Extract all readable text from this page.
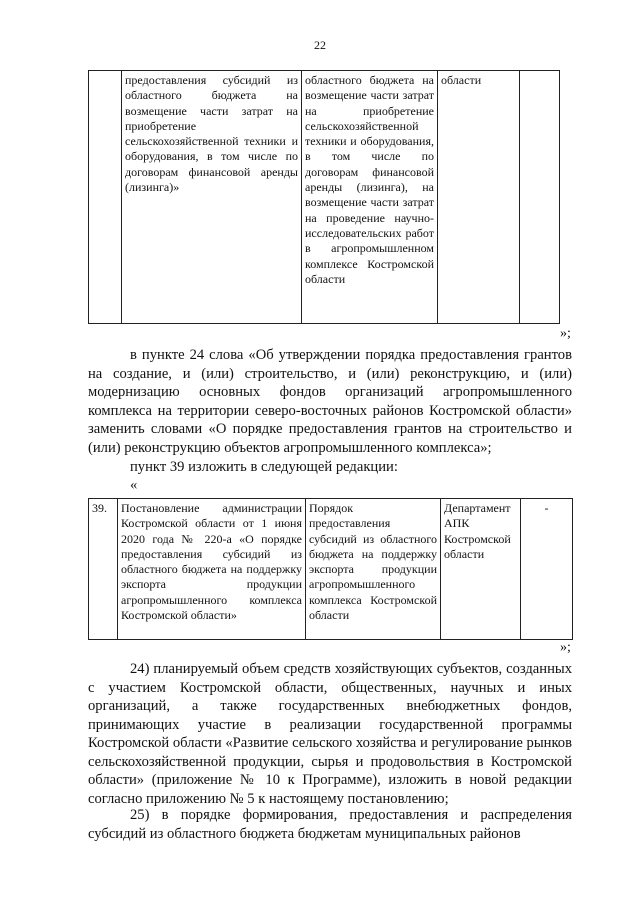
22
	предоставления субсидий из областного бюджета на возмещение части затрат на приобретение сельскохозяйственной техники и оборудования, в том числе по договорам финансовой аренды (лизинга)»	областного бюджета на возмещение части затрат на приобретение сельскохозяйственной техники и оборудования, в том числе по договорам финансовой аренды (лизинга), на возмещение части затрат на проведение научно-исследовательских работ в агропромышленном комплексе Костромской области	области	
»;

в пункте 24 слова «Об утверждении порядка предоставления грантов на создание, и (или) строительство, и (или) реконструкцию, и (или) модернизацию основных фондов организаций агропромышленного комплекса на территории северо-восточных районов Костромской области» заменить словами «О порядке предоставления грантов на строительство и (или) реконструкцию объектов агропромышленного комплекса»;

пункт 39 изложить в следующей редакции:

«
39.	Постановление администрации Костромской области от 1 июня 2020 года № 220-а «О порядке предоставления субсидий из областного бюджета на поддержку экспорта продукции агропромышленного комплекса Костромской области»	Порядок предоставления субсидий из областного бюджета на поддержку экспорта продукции агропромышленного комплекса Костромской области	Департамент АПК Костромской области	-
»;

24) планируемый объем средств хозяйствующих субъектов, созданных с участием Костромской области, общественных, научных и иных организаций, а также государственных внебюджетных фондов, принимающих участие в реализации государственной программы Костромской области «Развитие сельского хозяйства и регулирование рынков сельскохозяйственной продукции, сырья и продовольствия в Костромской области» (приложение № 10 к Программе), изложить в новой редакции согласно приложению № 5 к настоящему постановлению;

25) в порядке формирования, предоставления и распределения субсидий из областного бюджета бюджетам муниципальных районов
